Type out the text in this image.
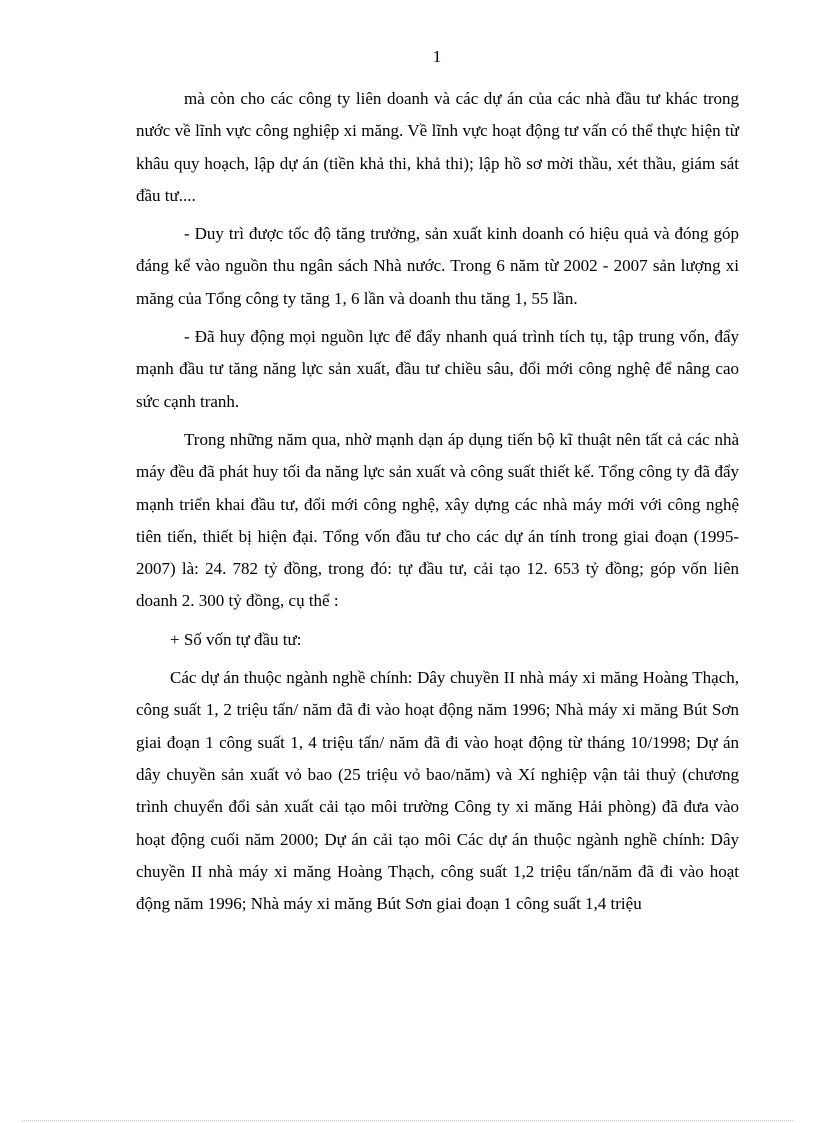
1

mà còn cho các công ty liên doanh và các dự án của các nhà đầu tư khác trong nước về lĩnh vực công nghiệp xi măng. Về lĩnh vực hoạt động tư vấn có thể thực hiện từ khâu quy hoạch, lập dự án (tiền khả thi, khả thi); lập hồ sơ mời thầu, xét thầu, giám sát đầu tư....

- Duy trì được tốc độ tăng trưởng, sản xuất kinh doanh có hiệu quả và đóng góp đáng kể vào nguồn thu ngân sách Nhà nước. Trong 6 năm từ 2002 - 2007 sản lượng xi măng của Tổng công ty tăng 1, 6 lần và doanh thu tăng 1, 55 lần.

- Đã huy động mọi nguồn lực để đẩy nhanh quá trình tích tụ, tập trung vốn, đẩy mạnh đầu tư tăng năng lực sản xuất, đầu tư chiều sâu, đổi mới công nghệ để nâng cao sức cạnh tranh.

Trong những năm qua, nhờ mạnh dạn áp dụng tiến bộ kĩ thuật nên tất cả các nhà máy đều đã phát huy tối đa năng lực sản xuất và công suất thiết kế. Tổng công ty đã đẩy mạnh triển khai đầu tư, đổi mới công nghệ, xây dựng các nhà máy mới với công nghệ tiên tiến, thiết bị hiện đại. Tổng vốn đầu tư cho các dự án tính trong giai đoạn (1995-2007) là: 24. 782 tỷ đồng, trong đó: tự đầu tư, cải tạo 12. 653 tỷ đồng; góp vốn liên doanh 2. 300 tỷ đồng, cụ thể :

+ Số vốn tự đầu tư:

Các dự án thuộc ngành nghề chính: Dây chuyền II nhà máy xi măng Hoàng Thạch, công suất 1, 2 triệu tấn/ năm đã đi vào hoạt động năm 1996; Nhà máy xi măng Bút Sơn giai đoạn 1 công suất 1, 4 triệu tấn/ năm đã đi vào hoạt động từ tháng 10/1998; Dự án dây chuyền sản xuất vỏ bao (25 triệu vỏ bao/năm) và Xí nghiệp vận tải thuỷ (chương trình chuyển đổi sản xuất cải tạo môi trường Công ty xi măng Hải phòng) đã đưa vào hoạt động cuối năm 2000; Dự án cải tạo môi Các dự án thuộc ngành nghề chính: Dây chuyền II nhà máy xi măng Hoàng Thạch, công suất 1,2 triệu tấn/năm đã đi vào hoạt động năm 1996; Nhà máy xi măng Bút Sơn giai đoạn 1 công suất 1,4 triệu
